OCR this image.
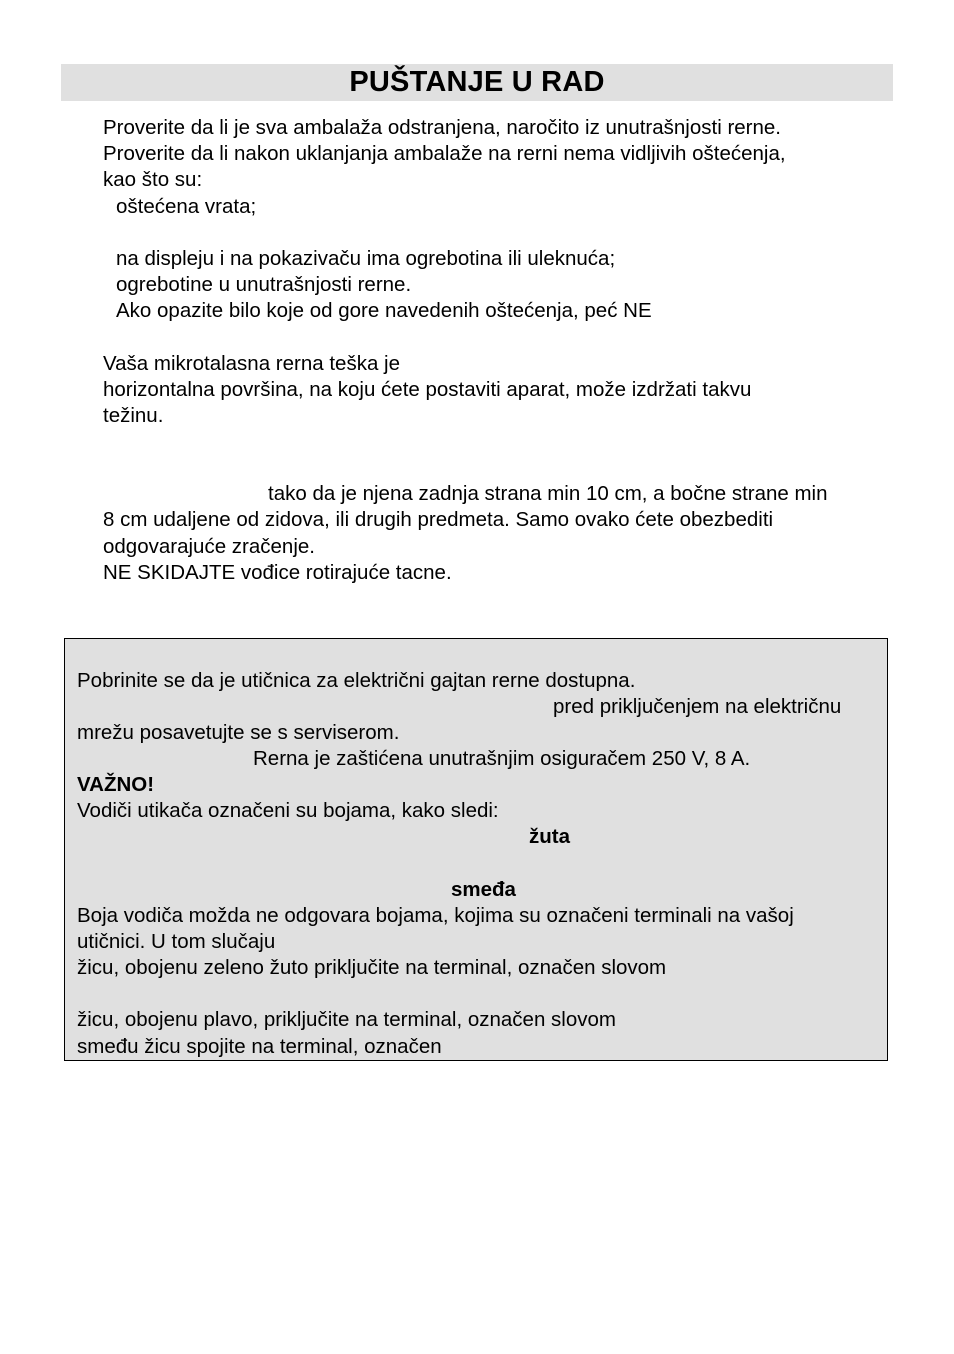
PUŠTANJE U RAD
Proverite da li je sva ambalaža odstranjena, naročito iz unutrašnjosti rerne.
Proverite da li nakon uklanjanja ambalaže na rerni nema vidljivih oštećenja,
kao što su:
oštećena vrata;
na displeju i na pokazivaču ima ogrebotina ili uleknuća;
ogrebotine u unutrašnjosti rerne.
Ako opazite bilo koje od gore navedenih oštećenja, peć NE
Vaša mikrotalasna rerna teška je
horizontalna površina, na koju ćete postaviti aparat, može izdržati takvu
težinu.
tako da je njena zadnja strana min 10 cm, a bočne strane min
8 cm udaljene od zidova, ili drugih predmeta. Samo ovako ćete obezbediti
odgovarajuće zračenje.
NE SKIDAJTE vođice rotirajuće tacne.
Pobrinite se da je utičnica za električni gajtan rerne dostupna.
pred priključenjem na električnu
mrežu posavetujte se s serviserom.
Rerna je zaštićena unutrašnjim osiguračem 250 V, 8 A.
VAŽNO!
Vodiči utikača označeni su bojama, kako sledi:
žuta
smeđa
Boja vodiča možda ne odgovara bojama, kojima su označeni terminali na vašoj
utičnici. U tom slučaju
žicu, obojenu zeleno žuto priključite na terminal, označen slovom
žicu, obojenu plavo, priključite na terminal, označen slovom
smeđu žicu spojite na terminal, označen
